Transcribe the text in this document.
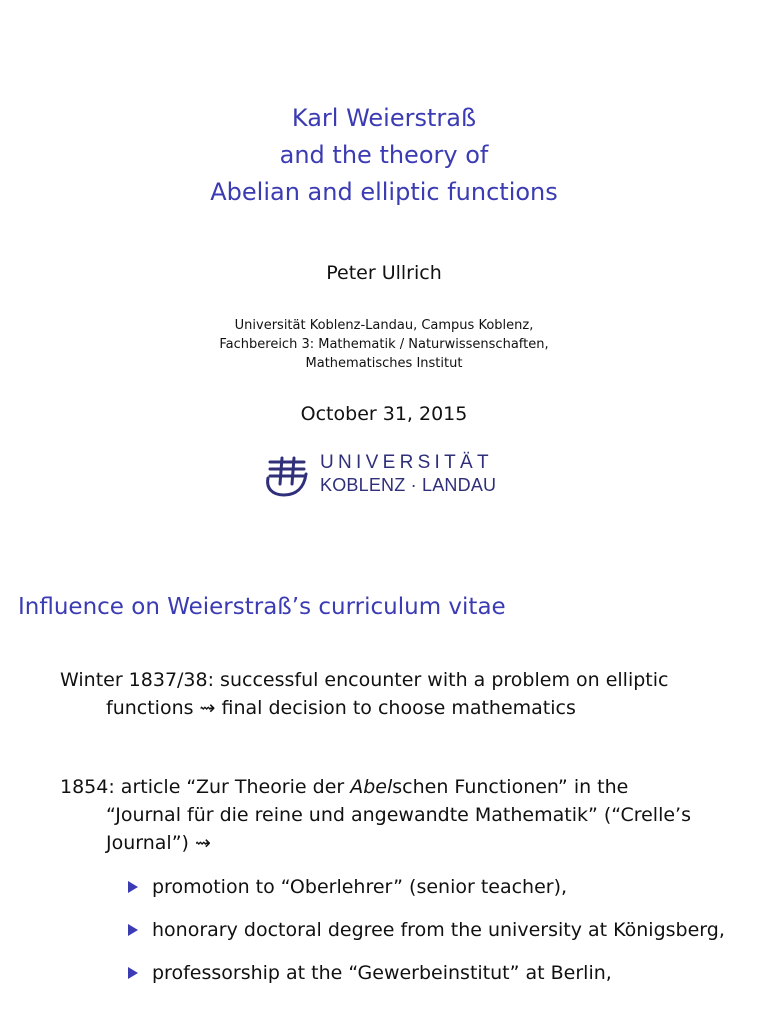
Karl Weierstraß
and the theory of
Abelian and elliptic functions
Peter Ullrich
Universität Koblenz-Landau, Campus Koblenz,
Fachbereich 3: Mathematik / Naturwissenschaften,
Mathematisches Institut
October 31, 2015
UNIVERSITÄT
KOBLENZ · LANDAU
Influence on Weierstraß’s curriculum vitae
Winter 1837/38: successful encounter with a problem on elliptic
functions ⇝ final decision to choose mathematics
1854: article “Zur Theorie der Abelschen Functionen” in the
“Journal für die reine und angewandte Mathematik” (“Crelle’s
Journal”) ⇝
promotion to “Oberlehrer” (senior teacher),
honorary doctoral degree from the university at Königsberg,
professorship at the “Gewerbeinstitut” at Berlin,
